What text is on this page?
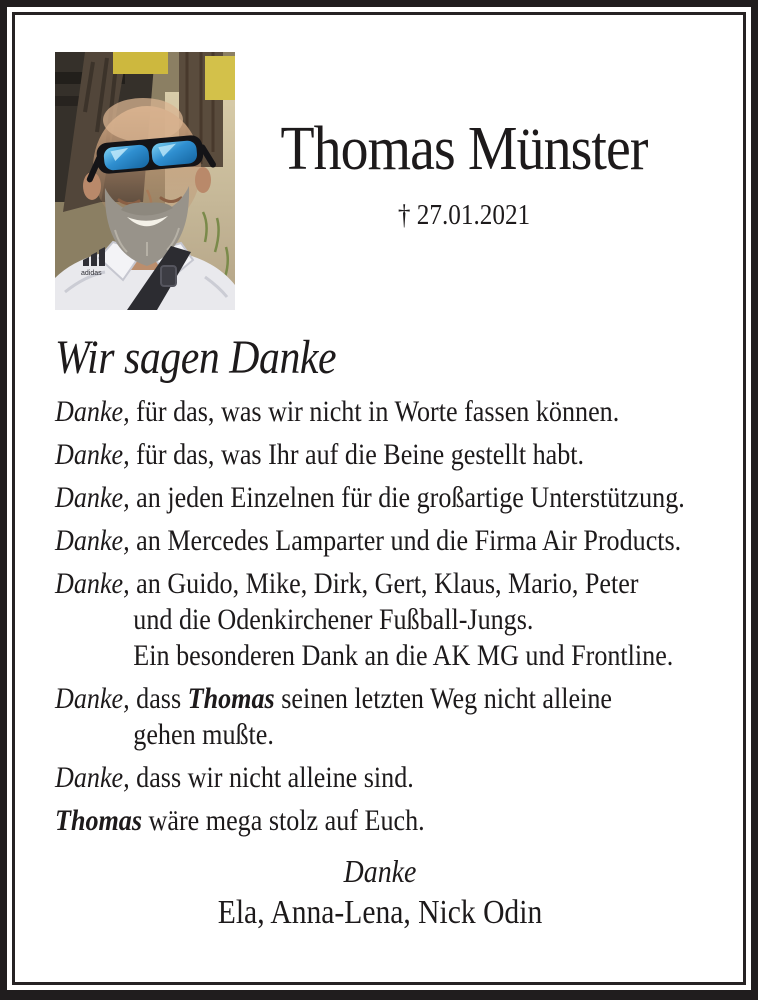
adidas
Thomas Münster

† 27.01.2021

Wir sagen Danke

Danke, für das, was wir nicht in Worte fassen können.

Danke, für das, was Ihr auf die Beine gestellt habt.

Danke, an jeden Einzelnen für die großartige Unterstützung.

Danke, an Mercedes Lamparter und die Firma Air Products.

Danke, an Guido, Mike, Dirk, Gert, Klaus, Mario, Peter
und die Odenkirchener Fußball-Jungs.
Ein besonderen Dank an die AK MG und Frontline.

Danke, dass Thomas seinen letzten Weg nicht alleine
gehen mußte.

Danke, dass wir nicht alleine sind.

Thomas wäre mega stolz auf Euch.

Danke

Ela, Anna-Lena, Nick Odin
